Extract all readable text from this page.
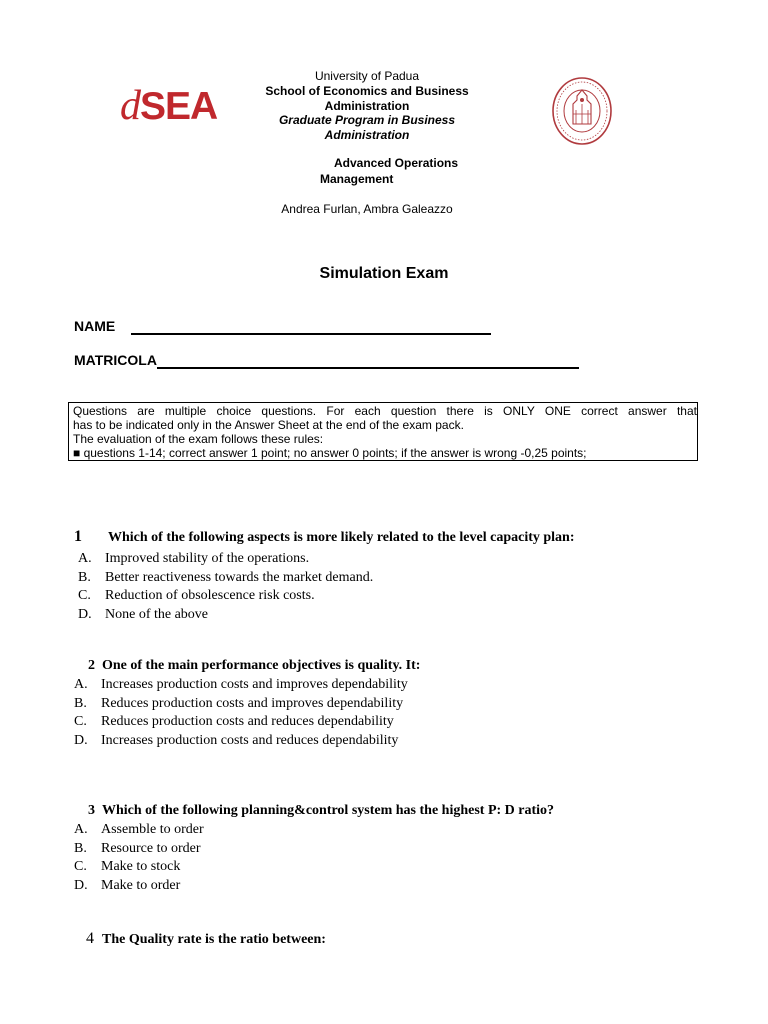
dSEA
University of Padua
School of Economics and Business
Administration
Graduate Program in Business
Administration
Advanced Operations
Management
Andrea Furlan, Ambra Galeazzo
Simulation Exam
NAME
MATRICOLA
Questions are multiple choice questions. For each question there is ONLY ONE correct answer that
has to be indicated only in the Answer Sheet at the end of the exam pack.
The evaluation of the exam follows these rules:
■ questions 1-14; correct answer 1 point; no answer 0 points; if the answer is wrong -0,25 points;
1 Which of the following aspects is more likely related to the level capacity plan:
A. Improved stability of the operations.
B. Better reactiveness towards the market demand.
C. Reduction of obsolescence risk costs.
D. None of the above
2 One of the main performance objectives is quality. It:
A. Increases production costs and improves dependability
B. Reduces production costs and improves dependability
C. Reduces production costs and reduces dependability
D. Increases production costs and reduces dependability
3 Which of the following planning&control system has the highest P: D ratio?
A. Assemble to order
B. Resource to order
C. Make to stock
D. Make to order
4 The Quality rate is the ratio between:
